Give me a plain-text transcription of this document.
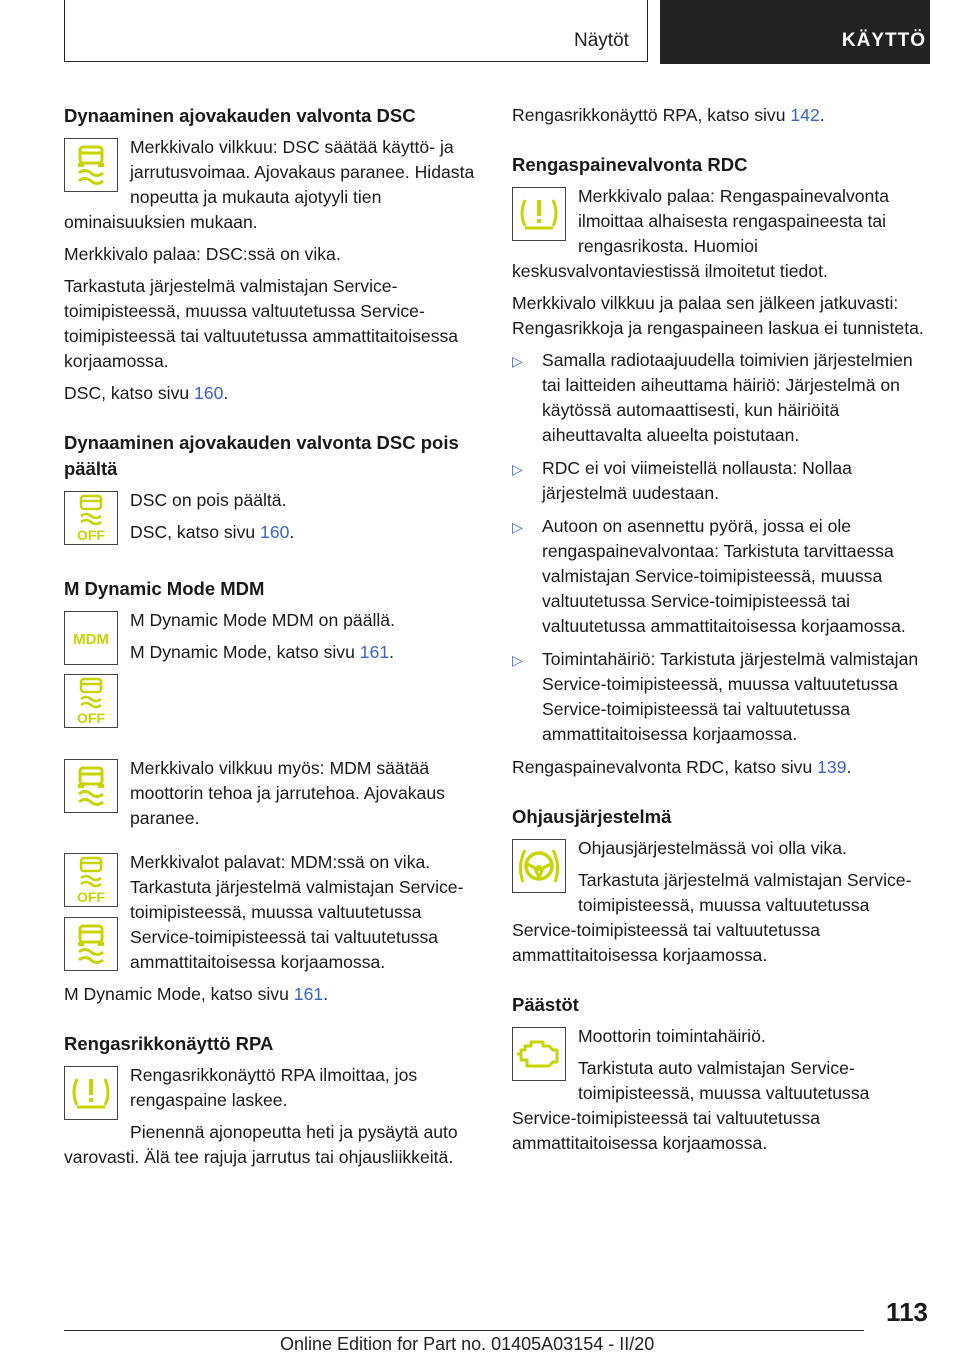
Näytöt	KÄYTTÖ
Dynaaminen ajovakauden valvonta DSC
Merkkivalo vilkkuu: DSC säätää käyttö- ja jarrutusvoimaa. Ajovakaus paranee. Hidasta nopeutta ja mukauta ajotyyli tien ominaisuuksien mukaan.
Merkkivalo palaa: DSC:ssä on vika.
Tarkastuta järjestelmä valmistajan Service-toimipisteessä, muussa valtuutetussa Service-toimipisteessä tai valtuutetussa ammattitaitoisessa korjaamossa.
DSC, katso sivu 160.
Dynaaminen ajovakauden valvonta DSC pois päältä
OFF
DSC on pois päältä.
DSC, katso sivu 160.
M Dynamic Mode MDM
MDM
M Dynamic Mode MDM on päällä.
M Dynamic Mode, katso sivu 161.
OFF
Merkkivalo vilkkuu myös: MDM säätää moottorin tehoa ja jarrutehoa. Ajovakaus paranee.
OFF
Merkkivalot palavat: MDM:ssä on vika. Tarkastuta järjestelmä valmistajan Service-toimipisteessä, muussa valtuutetussa Service-toimipisteessä tai valtuutetussa ammattitaitoisessa korjaamossa.
M Dynamic Mode, katso sivu 161.
Rengasrikkonäyttö RPA
Rengasrikkonäyttö RPA ilmoittaa, jos rengaspaine laskee.
Pienennä ajonopeutta heti ja pysäytä auto varovasti. Älä tee rajuja jarrutus tai ohjausliikkeitä.
Rengasrikkonäyttö RPA, katso sivu 142.
Rengaspainevalvonta RDC
Merkkivalo palaa: Rengaspainevalvonta ilmoittaa alhaisesta rengaspaineesta tai rengasrikosta. Huomioi keskusvalvontaviestissä ilmoitetut tiedot.
Merkkivalo vilkkuu ja palaa sen jälkeen jatkuvasti: Rengasrikkoja ja rengaspaineen laskua ei tunnisteta.
▷ Samalla radiotaajuudella toimivien järjestelmien tai laitteiden aiheuttama häiriö: Järjestelmä on käytössä automaattisesti, kun häiriöitä aiheuttavalta alueelta poistutaan.
▷ RDC ei voi viimeistellä nollausta: Nollaa järjestelmä uudestaan.
▷ Autoon on asennettu pyörä, jossa ei ole rengaspainevalvontaa: Tarkistuta tarvittaessa valmistajan Service-toimipisteessä, muussa valtuutetussa Service-toimipisteessä tai valtuutetussa ammattitaitoisessa korjaamossa.
▷ Toimintahäiriö: Tarkistuta järjestelmä valmistajan Service-toimipisteessä, muussa valtuutetussa Service-toimipisteessä tai valtuutetussa ammattitaitoisessa korjaamossa.
Rengaspainevalvonta RDC, katso sivu 139.
Ohjausjärjestelmä
Ohjausjärjestelmässä voi olla vika.
Tarkastuta järjestelmä valmistajan Service-toimipisteessä, muussa valtuutetussa Service-toimipisteessä tai valtuutetussa ammattitaitoisessa korjaamossa.
Päästöt
Moottorin toimintahäiriö.
Tarkistuta auto valmistajan Service-toimipisteessä, muussa valtuutetussa Service-toimipisteessä tai valtuutetussa ammattitaitoisessa korjaamossa.
113
Online Edition for Part no. 01405A03154 - II/20
